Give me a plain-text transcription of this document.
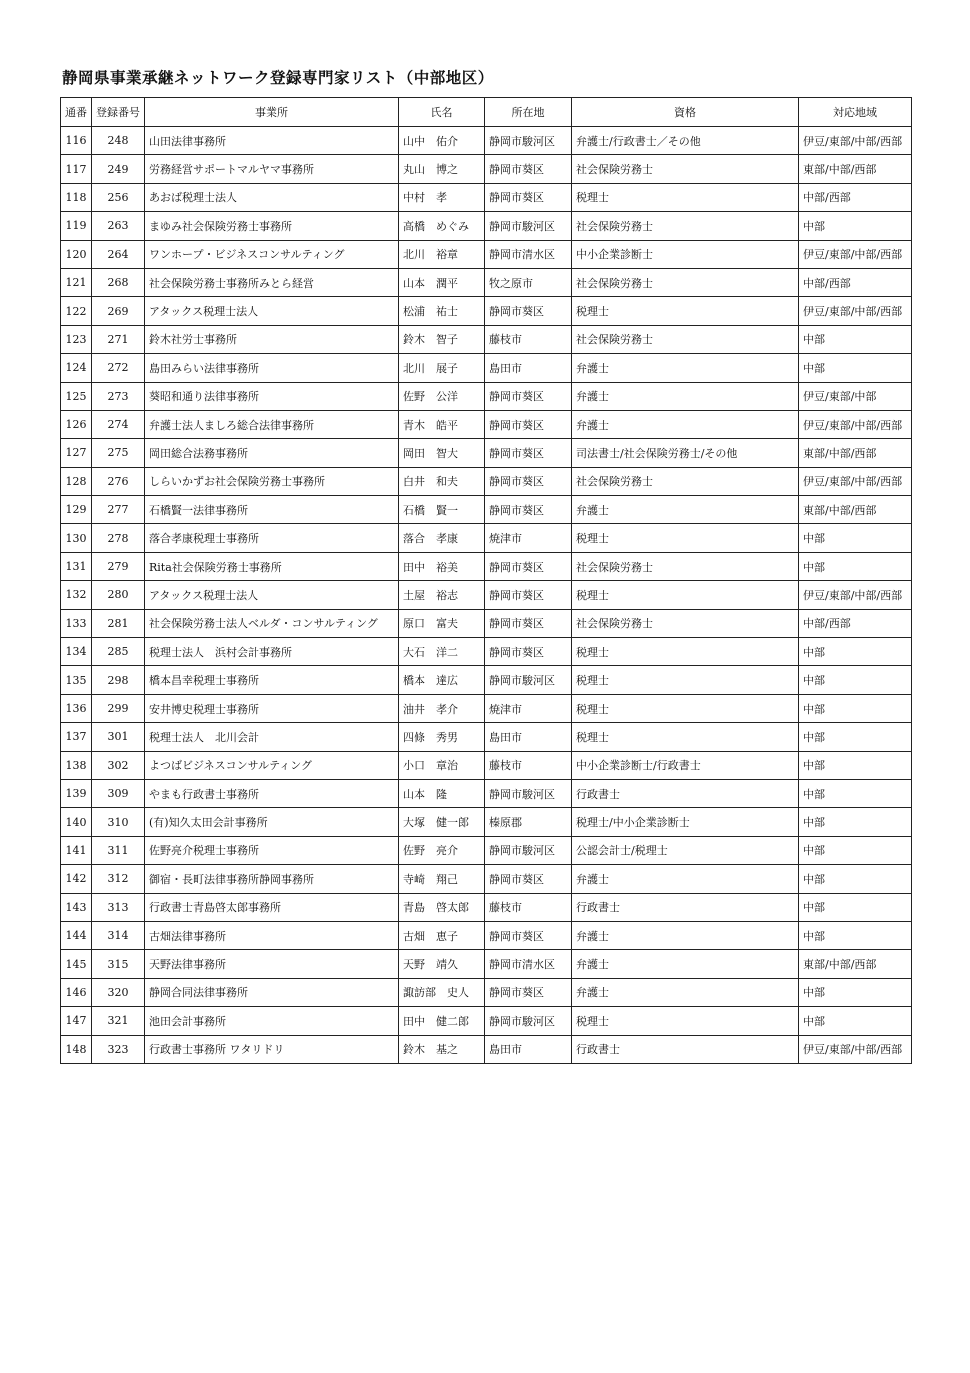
静岡県事業承継ネットワーク登録専門家リスト（中部地区）
通番	登録番号	事業所	氏名	所在地	資格	対応地域
116	248	山田法律事務所	山中　佑介	静岡市駿河区	弁護士/行政書士／その他	伊豆/東部/中部/西部
117	249	労務経営サポートマルヤマ事務所	丸山　博之	静岡市葵区	社会保険労務士	東部/中部/西部
118	256	あおば税理士法人	中村　孝	静岡市葵区	税理士	中部/西部
119	263	まゆみ社会保険労務士事務所	高橋　めぐみ	静岡市駿河区	社会保険労務士	中部
120	264	ワンホープ・ビジネスコンサルティング	北川　裕章	静岡市清水区	中小企業診断士	伊豆/東部/中部/西部
121	268	社会保険労務士事務所みとら経営	山本　潤平	牧之原市	社会保険労務士	中部/西部
122	269	アタックス税理士法人	松浦　祐士	静岡市葵区	税理士	伊豆/東部/中部/西部
123	271	鈴木社労士事務所	鈴木　智子	藤枝市	社会保険労務士	中部
124	272	島田みらい法律事務所	北川　展子	島田市	弁護士	中部
125	273	葵昭和通り法律事務所	佐野　公洋	静岡市葵区	弁護士	伊豆/東部/中部
126	274	弁護士法人ましろ総合法律事務所	青木　皓平	静岡市葵区	弁護士	伊豆/東部/中部/西部
127	275	岡田総合法務事務所	岡田　智大	静岡市葵区	司法書士/社会保険労務士/その他	東部/中部/西部
128	276	しらいかずお社会保険労務士事務所	白井　和夫	静岡市葵区	社会保険労務士	伊豆/東部/中部/西部
129	277	石橋賢一法律事務所	石橋　賢一	静岡市葵区	弁護士	東部/中部/西部
130	278	落合孝康税理士事務所	落合　孝康	焼津市	税理士	中部
131	279	Rita社会保険労務士事務所	田中　裕美	静岡市葵区	社会保険労務士	中部
132	280	アタックス税理士法人	土屋　裕志	静岡市葵区	税理士	伊豆/東部/中部/西部
133	281	社会保険労務士法人ベルダ・コンサルティング	原口　富夫	静岡市葵区	社会保険労務士	中部/西部
134	285	税理士法人　浜村会計事務所	大石　洋二	静岡市葵区	税理士	中部
135	298	橋本昌幸税理士事務所	橋本　達広	静岡市駿河区	税理士	中部
136	299	安井博史税理士事務所	油井　孝介	焼津市	税理士	中部
137	301	税理士法人　北川会計	四條　秀男	島田市	税理士	中部
138	302	よつばビジネスコンサルティング	小口　章治	藤枝市	中小企業診断士/行政書士	中部
139	309	やまも行政書士事務所	山本　隆	静岡市駿河区	行政書士	中部
140	310	(有)知久太田会計事務所	大塚　健一郎	榛原郡	税理士/中小企業診断士	中部
141	311	佐野亮介税理士事務所	佐野　亮介	静岡市駿河区	公認会計士/税理士	中部
142	312	御宿・長町法律事務所静岡事務所	寺崎　翔己	静岡市葵区	弁護士	中部
143	313	行政書士青島啓太郎事務所	青島　啓太郎	藤枝市	行政書士	中部
144	314	古畑法律事務所	古畑　恵子	静岡市葵区	弁護士	中部
145	315	天野法律事務所	天野　靖久	静岡市清水区	弁護士	東部/中部/西部
146	320	静岡合同法律事務所	諏訪部　史人	静岡市葵区	弁護士	中部
147	321	池田会計事務所	田中　健二郎	静岡市駿河区	税理士	中部
148	323	行政書士事務所 ワタリドリ	鈴木　基之	島田市	行政書士	伊豆/東部/中部/西部
